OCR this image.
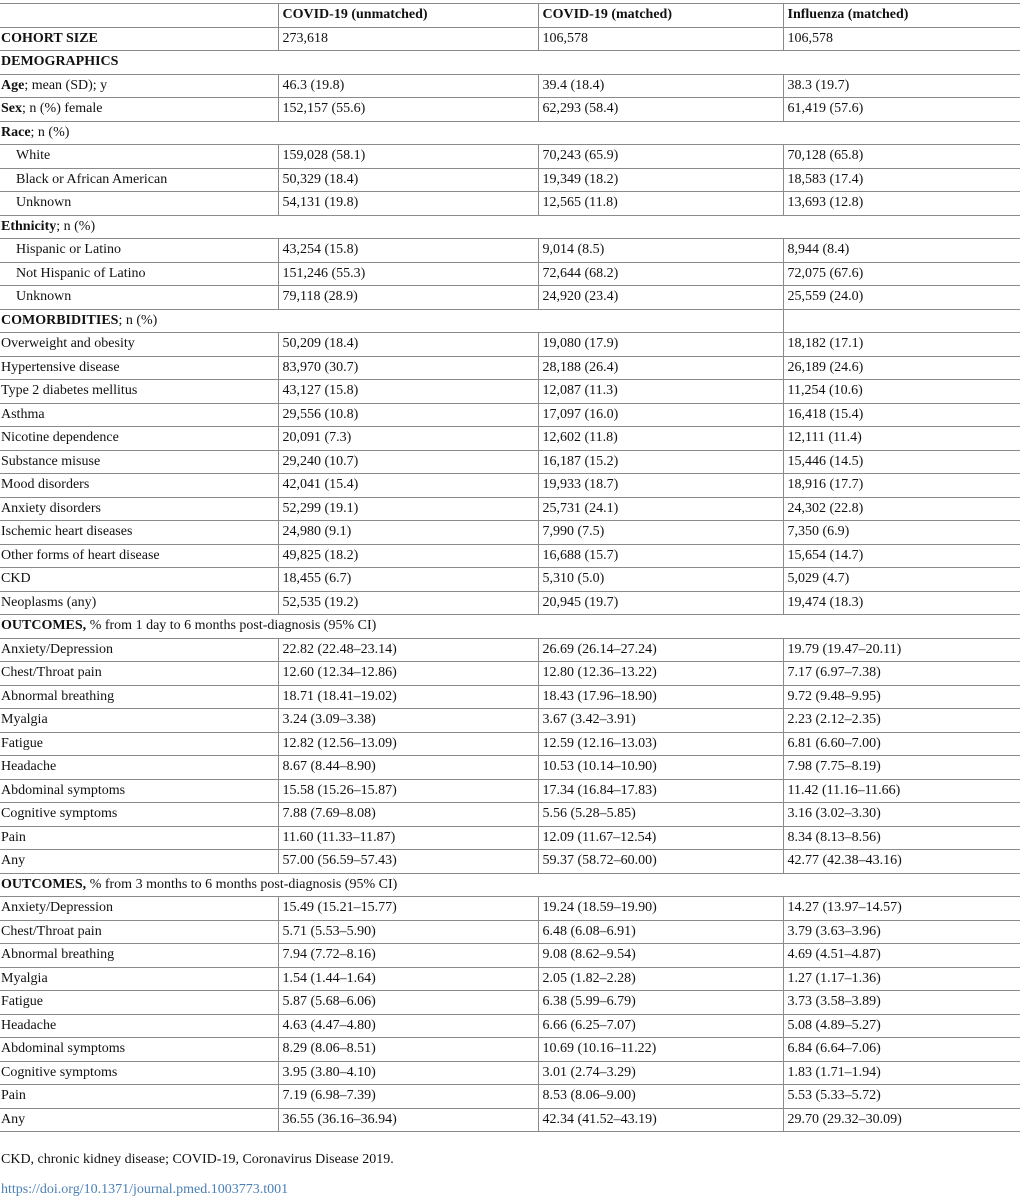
	COVID-19 (unmatched)	COVID-19 (matched)	Influenza (matched)
COHORT SIZE	273,618	106,578	106,578
DEMOGRAPHICS			
Age; mean (SD); y	46.3 (19.8)	39.4 (18.4)	38.3 (19.7)
Sex; n (%) female	152,157 (55.6)	62,293 (58.4)	61,419 (57.6)
Race; n (%)			
White	159,028 (58.1)	70,243 (65.9)	70,128 (65.8)
Black or African American	50,329 (18.4)	19,349 (18.2)	18,583 (17.4)
Unknown	54,131 (19.8)	12,565 (11.8)	13,693 (12.8)
Ethnicity; n (%)			
Hispanic or Latino	43,254 (15.8)	9,014 (8.5)	8,944 (8.4)
Not Hispanic of Latino	151,246 (55.3)	72,644 (68.2)	72,075 (67.6)
Unknown	79,118 (28.9)	24,920 (23.4)	25,559 (24.0)
COMORBIDITIES; n (%)			
Overweight and obesity	50,209 (18.4)	19,080 (17.9)	18,182 (17.1)
Hypertensive disease	83,970 (30.7)	28,188 (26.4)	26,189 (24.6)
Type 2 diabetes mellitus	43,127 (15.8)	12,087 (11.3)	11,254 (10.6)
Asthma	29,556 (10.8)	17,097 (16.0)	16,418 (15.4)
Nicotine dependence	20,091 (7.3)	12,602 (11.8)	12,111 (11.4)
Substance misuse	29,240 (10.7)	16,187 (15.2)	15,446 (14.5)
Mood disorders	42,041 (15.4)	19,933 (18.7)	18,916 (17.7)
Anxiety disorders	52,299 (19.1)	25,731 (24.1)	24,302 (22.8)
Ischemic heart diseases	24,980 (9.1)	7,990 (7.5)	7,350 (6.9)
Other forms of heart disease	49,825 (18.2)	16,688 (15.7)	15,654 (14.7)
CKD	18,455 (6.7)	5,310 (5.0)	5,029 (4.7)
Neoplasms (any)	52,535 (19.2)	20,945 (19.7)	19,474 (18.3)
OUTCOMES, % from 1 day to 6 months post-diagnosis (95% CI)			
Anxiety/Depression	22.82 (22.48–23.14)	26.69 (26.14–27.24)	19.79 (19.47–20.11)
Chest/Throat pain	12.60 (12.34–12.86)	12.80 (12.36–13.22)	7.17 (6.97–7.38)
Abnormal breathing	18.71 (18.41–19.02)	18.43 (17.96–18.90)	9.72 (9.48–9.95)
Myalgia	3.24 (3.09–3.38)	3.67 (3.42–3.91)	2.23 (2.12–2.35)
Fatigue	12.82 (12.56–13.09)	12.59 (12.16–13.03)	6.81 (6.60–7.00)
Headache	8.67 (8.44–8.90)	10.53 (10.14–10.90)	7.98 (7.75–8.19)
Abdominal symptoms	15.58 (15.26–15.87)	17.34 (16.84–17.83)	11.42 (11.16–11.66)
Cognitive symptoms	7.88 (7.69–8.08)	5.56 (5.28–5.85)	3.16 (3.02–3.30)
Pain	11.60 (11.33–11.87)	12.09 (11.67–12.54)	8.34 (8.13–8.56)
Any	57.00 (56.59–57.43)	59.37 (58.72–60.00)	42.77 (42.38–43.16)
OUTCOMES, % from 3 months to 6 months post-diagnosis (95% CI)			
Anxiety/Depression	15.49 (15.21–15.77)	19.24 (18.59–19.90)	14.27 (13.97–14.57)
Chest/Throat pain	5.71 (5.53–5.90)	6.48 (6.08–6.91)	3.79 (3.63–3.96)
Abnormal breathing	7.94 (7.72–8.16)	9.08 (8.62–9.54)	4.69 (4.51–4.87)
Myalgia	1.54 (1.44–1.64)	2.05 (1.82–2.28)	1.27 (1.17–1.36)
Fatigue	5.87 (5.68–6.06)	6.38 (5.99–6.79)	3.73 (3.58–3.89)
Headache	4.63 (4.47–4.80)	6.66 (6.25–7.07)	5.08 (4.89–5.27)
Abdominal symptoms	8.29 (8.06–8.51)	10.69 (10.16–11.22)	6.84 (6.64–7.06)
Cognitive symptoms	3.95 (3.80–4.10)	3.01 (2.74–3.29)	1.83 (1.71–1.94)
Pain	7.19 (6.98–7.39)	8.53 (8.06–9.00)	5.53 (5.33–5.72)
Any	36.55 (36.16–36.94)	42.34 (41.52–43.19)	29.70 (29.32–30.09)
CKD, chronic kidney disease; COVID-19, Coronavirus Disease 2019.
https://doi.org/10.1371/journal.pmed.1003773.t001
